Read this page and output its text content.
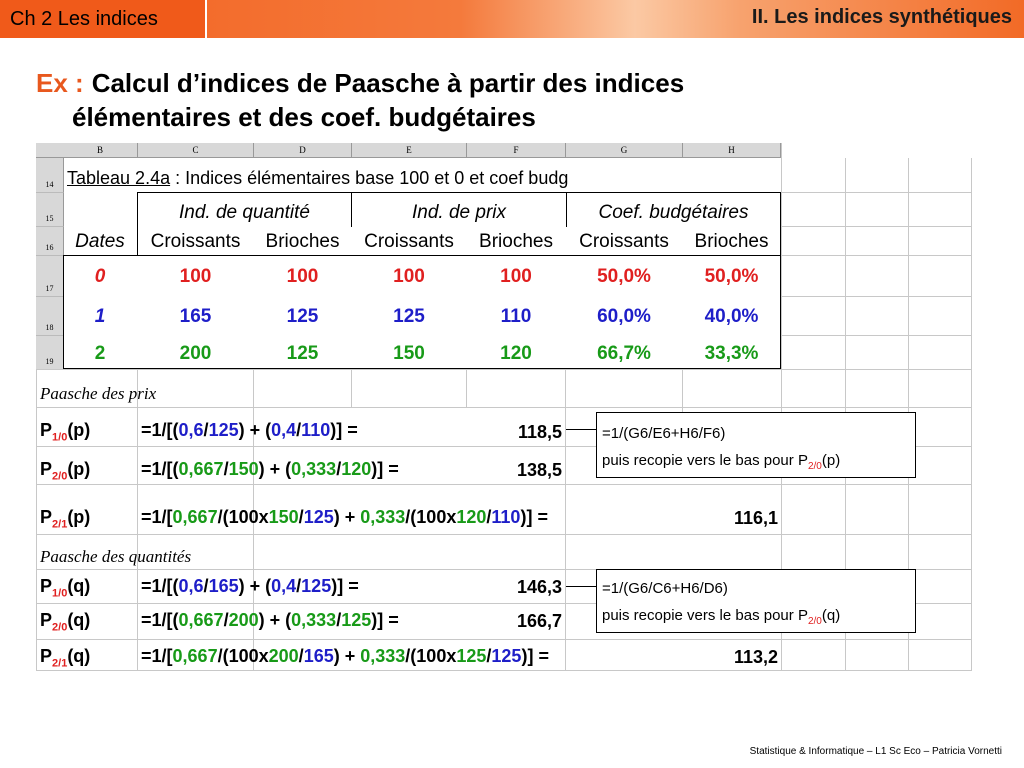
Ch 2 Les indices	II. Les indices synthétiques
Ex : Calcul d’indices de Paasche à partir des indices
élémentaires et des coef. budgétaires
B	C	D	E	F	G	H
14
15
16
17
18
19
Tableau 2.4a : Indices élémentaires base 100 et 0 et coef budg
Ind. de quantité	Ind. de prix	Coef. budgétaires
Dates	Croissants	Brioches	Croissants	Brioches	Croissants	Brioches
0	100	100	100	100	50,0%	50,0%
1	165	125	125	110	60,0%	40,0%
2	200	125	150	120	66,7%	33,3%
Paasche des prix
$P_{1/0}(p)$	=1/[(0,6/125) + (0,4/110)] =	118,5
$P_{2/0}(p)$	=1/[(0,667/150) + (0,333/120)] =	138,5
$P_{2/1}(p)$	=1/[0,667/(100x150/125) + 0,333/(100x120/110)] =	116,1
Paasche des quantités
$P_{1/0}(q)$	=1/[(0,6/165) + (0,4/125)] =	146,3
$P_{2/0}(q)$	=1/[(0,667/200) + (0,333/125)] =	166,7
$P_{2/1}(q)$	=1/[0,667/(100x200/165) + 0,333/(100x125/125)] =	113,2
=1/(G6/E6+H6/F6)
puis recopie vers le bas pour $P_{2/0}(p)$
=1/(G6/C6+H6/D6)
puis recopie vers le bas pour $P_{2/0}(q)$
Statistique & Informatique – L1 Sc Eco – Patricia Vornetti
